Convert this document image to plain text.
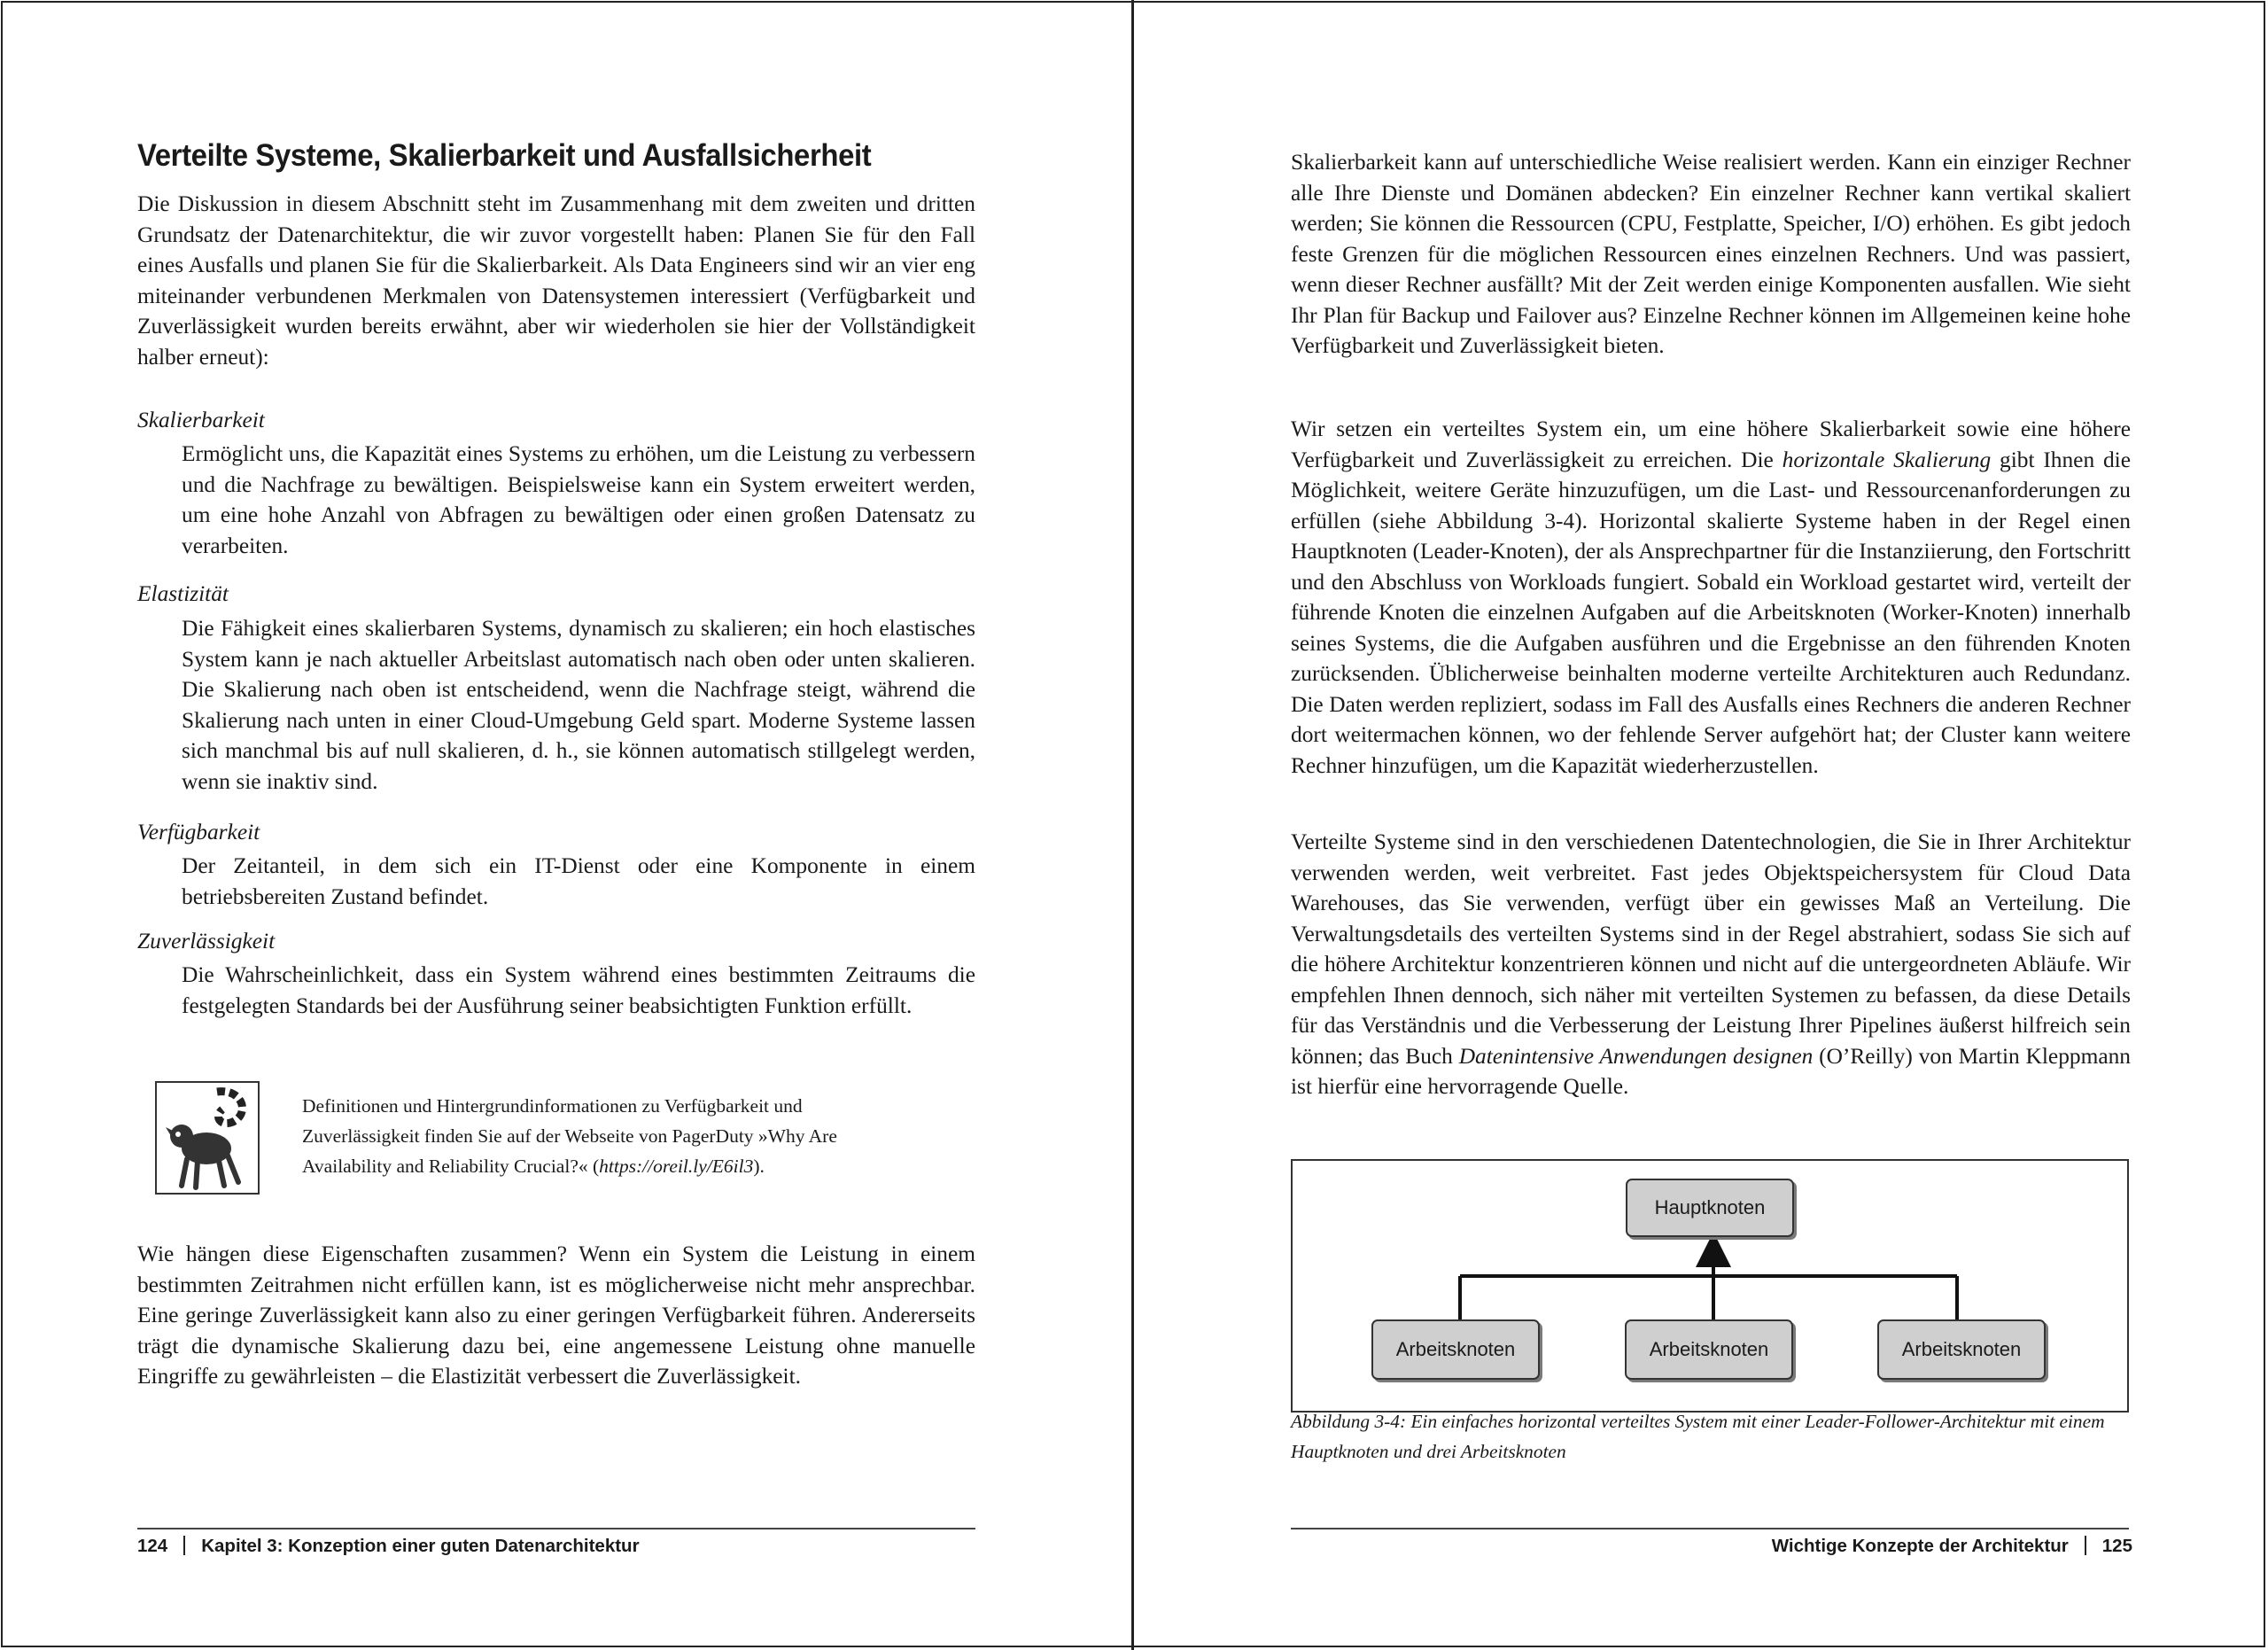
Verteilte Systeme, Skalierbarkeit und Ausfallsicherheit

Die Diskussion in diesem Abschnitt steht im Zusammenhang mit dem zweiten und dritten Grundsatz der Datenarchitektur, die wir zuvor vorgestellt haben: Planen Sie für den Fall eines Ausfalls und planen Sie für die Skalierbarkeit. Als Data Engineers sind wir an vier eng miteinander verbundenen Merkmalen von Datensystemen interessiert (Verfügbarkeit und Zuverlässigkeit wurden bereits erwähnt, aber wir wiederholen sie hier der Vollständigkeit halber erneut):

Skalierbarkeit

Ermöglicht uns, die Kapazität eines Systems zu erhöhen, um die Leistung zu verbessern und die Nachfrage zu bewältigen. Beispielsweise kann ein System erweitert werden, um eine hohe Anzahl von Abfragen zu bewältigen oder einen großen Datensatz zu verarbeiten.

Elastizität

Die Fähigkeit eines skalierbaren Systems, dynamisch zu skalieren; ein hoch elastisches System kann je nach aktueller Arbeitslast automatisch nach oben oder unten skalieren. Die Skalierung nach oben ist entscheidend, wenn die Nachfrage steigt, während die Skalierung nach unten in einer Cloud-Umgebung Geld spart. Moderne Systeme lassen sich manchmal bis auf null skalieren, d. h., sie können automatisch stillgelegt werden, wenn sie inaktiv sind.

Verfügbarkeit

Der Zeitanteil, in dem sich ein IT-Dienst oder eine Komponente in einem betriebsbereiten Zustand befindet.

Zuverlässigkeit

Die Wahrscheinlichkeit, dass ein System während eines bestimmten Zeitraums die festgelegten Standards bei der Ausführung seiner beabsichtigten Funktion erfüllt.

Definitionen und Hintergrundinformationen zu Verfügbarkeit und Zuverlässigkeit finden Sie auf der Webseite von PagerDuty »Why Are Availability and Reliability Crucial?« (https://oreil.ly/E6il3).

Wie hängen diese Eigenschaften zusammen? Wenn ein System die Leistung in einem bestimmten Zeitrahmen nicht erfüllen kann, ist es möglicherweise nicht mehr ansprechbar. Eine geringe Zuverlässigkeit kann also zu einer geringen Verfügbarkeit führen. Andererseits trägt die dynamische Skalierung dazu bei, eine angemessene Leistung ohne manuelle Eingriffe zu gewährleisten – die Elastizität verbessert die Zuverlässigkeit.

124 Kapitel 3: Konzeption einer guten Datenarchitektur

Skalierbarkeit kann auf unterschiedliche Weise realisiert werden. Kann ein einziger Rechner alle Ihre Dienste und Domänen abdecken? Ein einzelner Rechner kann vertikal skaliert werden; Sie können die Ressourcen (CPU, Festplatte, Speicher, I/O) erhöhen. Es gibt jedoch feste Grenzen für die möglichen Ressourcen eines einzelnen Rechners. Und was passiert, wenn dieser Rechner ausfällt? Mit der Zeit werden einige Komponenten ausfallen. Wie sieht Ihr Plan für Backup und Failover aus? Einzelne Rechner können im Allgemeinen keine hohe Verfügbarkeit und Zuverlässigkeit bieten.

Wir setzen ein verteiltes System ein, um eine höhere Skalierbarkeit sowie eine höhere Verfügbarkeit und Zuverlässigkeit zu erreichen. Die horizontale Skalierung gibt Ihnen die Möglichkeit, weitere Geräte hinzuzufügen, um die Last- und Ressourcenanforderungen zu erfüllen (siehe Abbildung 3-4). Horizontal skalierte Systeme haben in der Regel einen Hauptknoten (Leader-Knoten), der als Ansprechpartner für die Instanziierung, den Fortschritt und den Abschluss von Workloads fungiert. Sobald ein Workload gestartet wird, verteilt der führende Knoten die einzelnen Aufgaben auf die Arbeitsknoten (Worker-Knoten) innerhalb seines Systems, die die Aufgaben ausführen und die Ergebnisse an den führenden Knoten zurücksenden. Üblicherweise beinhalten moderne verteilte Architekturen auch Redundanz. Die Daten werden repliziert, sodass im Fall des Ausfalls eines Rechners die anderen Rechner dort weitermachen können, wo der fehlende Server aufgehört hat; der Cluster kann weitere Rechner hinzufügen, um die Kapazität wiederherzustellen.

Verteilte Systeme sind in den verschiedenen Datentechnologien, die Sie in Ihrer Architektur verwenden werden, weit verbreitet. Fast jedes Objektspeichersystem für Cloud Data Warehouses, das Sie verwenden, verfügt über ein gewisses Maß an Verteilung. Die Verwaltungsdetails des verteilten Systems sind in der Regel abstrahiert, sodass Sie sich auf die höhere Architektur konzentrieren können und nicht auf die untergeordneten Abläufe. Wir empfehlen Ihnen dennoch, sich näher mit verteilten Systemen zu befassen, da diese Details für das Verständnis und die Verbesserung der Leistung Ihrer Pipelines äußerst hilfreich sein können; das Buch Datenintensive Anwendungen designen (O’Reilly) von Martin Kleppmann ist hierfür eine hervorragende Quelle.

Hauptknoten
Arbeitsknoten	Arbeitsknoten	Arbeitsknoten

Abbildung 3-4: Ein einfaches horizontal verteiltes System mit einer Leader-Follower-Architektur mit einem Hauptknoten und drei Arbeitsknoten

Wichtige Konzepte der Architektur 125
